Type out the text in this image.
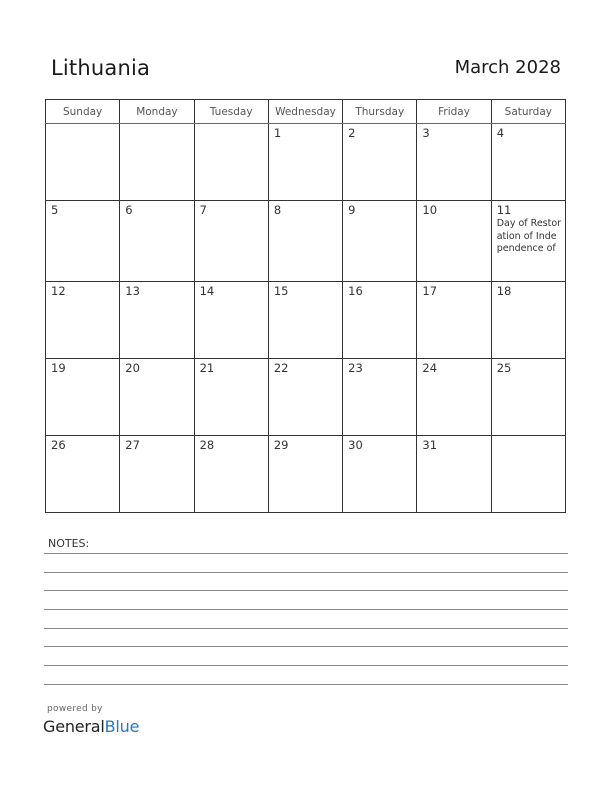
Lithuania	March 2028
Sunday	Monday	Tuesday	Wednesday	Thursday	Friday	Saturday

			1	2	3	4

5	6	7	8	9	10	11
Day of Restoration of Independence of

12	13	14	15	16	17	18

19	20	21	22	23	24	25

26	27	28	29	30	31	

NOTES:
powered by
GeneralBlue
